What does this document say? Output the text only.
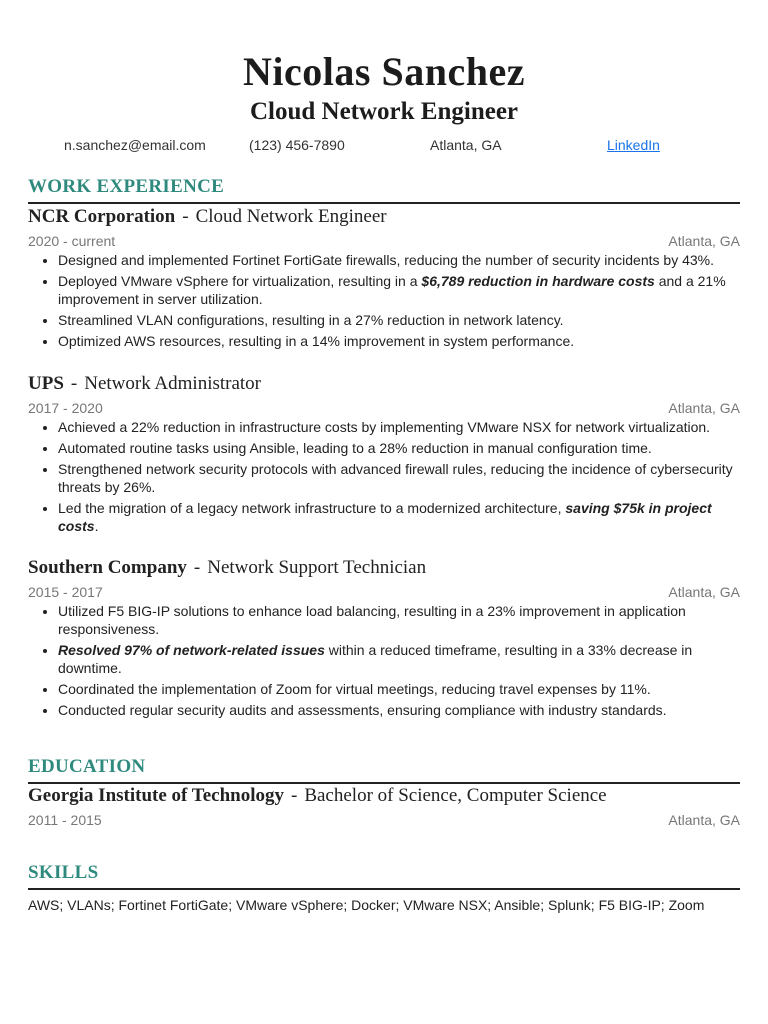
Nicolas Sanchez
Cloud Network Engineer
n.sanchez@email.com	(123) 456-7890	Atlanta, GA	LinkedIn
WORK EXPERIENCE
NCR Corporation - Cloud Network Engineer
2020 - current	Atlanta, GA
• Designed and implemented Fortinet FortiGate firewalls, reducing the number of security incidents by 43%.
• Deployed VMware vSphere for virtualization, resulting in a $6,789 reduction in hardware costs and a 21% improvement in server utilization.
• Streamlined VLAN configurations, resulting in a 27% reduction in network latency.
• Optimized AWS resources, resulting in a 14% improvement in system performance.
UPS - Network Administrator
2017 - 2020	Atlanta, GA
• Achieved a 22% reduction in infrastructure costs by implementing VMware NSX for network virtualization.
• Automated routine tasks using Ansible, leading to a 28% reduction in manual configuration time.
• Strengthened network security protocols with advanced firewall rules, reducing the incidence of cybersecurity threats by 26%.
• Led the migration of a legacy network infrastructure to a modernized architecture, saving $75k in project costs.
Southern Company - Network Support Technician
2015 - 2017	Atlanta, GA
• Utilized F5 BIG-IP solutions to enhance load balancing, resulting in a 23% improvement in application responsiveness.
• Resolved 97% of network-related issues within a reduced timeframe, resulting in a 33% decrease in downtime.
• Coordinated the implementation of Zoom for virtual meetings, reducing travel expenses by 11%.
• Conducted regular security audits and assessments, ensuring compliance with industry standards.
EDUCATION
Georgia Institute of Technology - Bachelor of Science, Computer Science
2011 - 2015	Atlanta, GA
SKILLS
AWS; VLANs; Fortinet FortiGate; VMware vSphere; Docker; VMware NSX; Ansible; Splunk; F5 BIG-IP; Zoom
